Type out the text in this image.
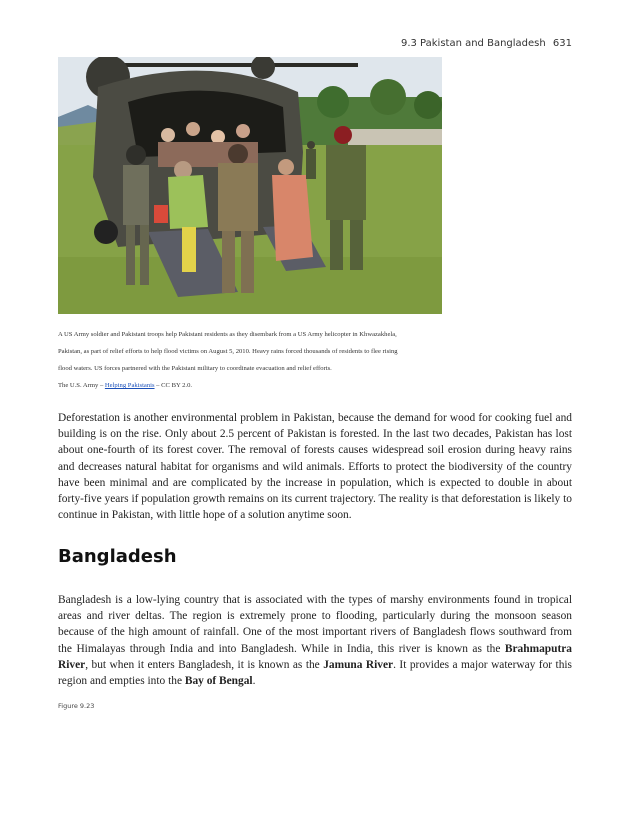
9.3 Pakistan and Bangladesh 631
A US Army soldier and Pakistani troops help Pakistani residents as they disembark from a US Army helicopter in Khwazakhela,
Pakistan, as part of relief efforts to help flood victims on August 5, 2010. Heavy rains forced thousands of residents to flee rising
flood waters. US forces partnered with the Pakistani military to coordinate evacuation and relief efforts.
The U.S. Army – Helping Pakistanis – CC BY 2.0.

Deforestation is another environmental problem in Pakistan, because the demand for wood for cooking fuel and building is on the rise. Only about 2.5 percent of Pakistan is forested. In the last two decades, Pakistan has lost about one-fourth of its forest cover. The removal of forests causes widespread soil erosion during heavy rains and decreases natural habitat for organisms and wild animals. Efforts to protect the biodiversity of the country have been minimal and are complicated by the increase in population, which is expected to double in about forty-five years if population growth remains on its current trajectory. The reality is that deforestation is likely to continue in Pakistan, with little hope of a solution anytime soon.

Bangladesh

Bangladesh is a low-lying country that is associated with the types of marshy environments found in tropical areas and river deltas. The region is extremely prone to flooding, particularly during the monsoon season because of the high amount of rainfall. One of the most important rivers of Bangladesh flows southward from the Himalayas through India and into Bangladesh. While in India, this river is known as the Brahmaputra River, but when it enters Bangladesh, it is known as the Jamuna River. It provides a major waterway for this region and empties into the Bay of Bengal.

Figure 9.23
